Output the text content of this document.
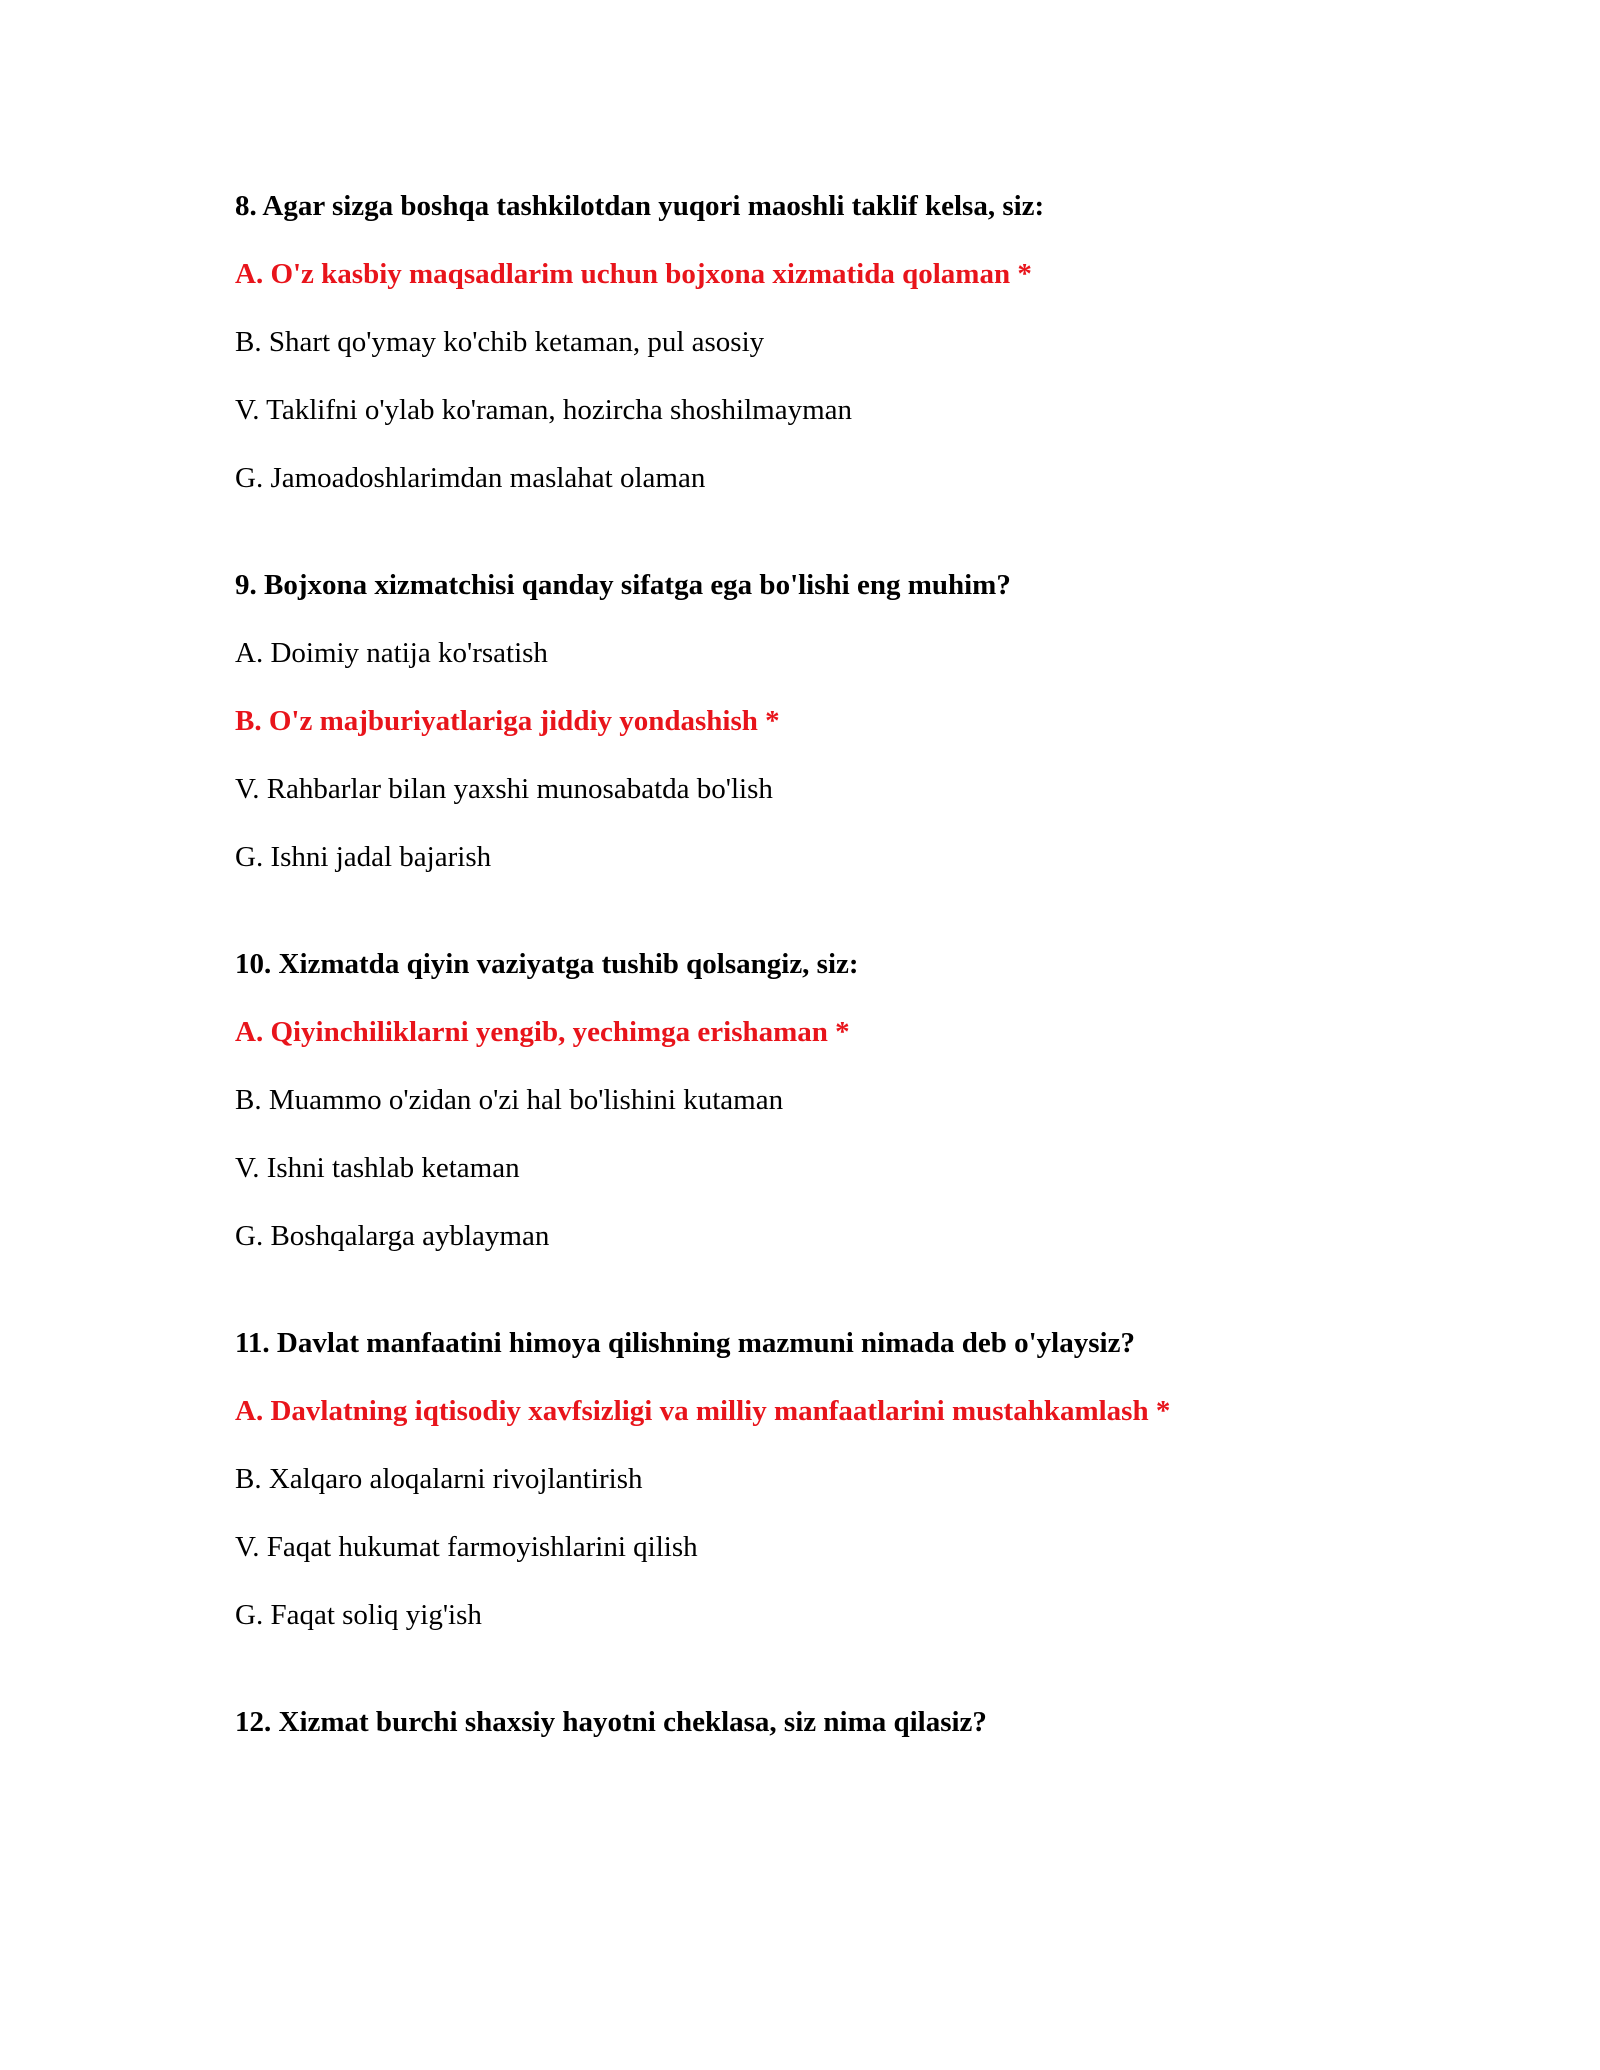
8. Agar sizga boshqa tashkilotdan yuqori maoshli taklif kelsa, siz:
A. O'z kasbiy maqsadlarim uchun bojxona xizmatida qolaman *
B. Shart qo'ymay ko'chib ketaman, pul asosiy
V. Taklifni o'ylab ko'raman, hozircha shoshilmayman
G. Jamoadoshlarimdan maslahat olaman
9. Bojxona xizmatchisi qanday sifatga ega bo'lishi eng muhim?
A. Doimiy natija ko'rsatish
B. O'z majburiyatlariga jiddiy yondashish *
V. Rahbarlar bilan yaxshi munosabatda bo'lish
G. Ishni jadal bajarish
10. Xizmatda qiyin vaziyatga tushib qolsangiz, siz:
A. Qiyinchiliklarni yengib, yechimga erishaman *
B. Muammo o'zidan o'zi hal bo'lishini kutaman
V. Ishni tashlab ketaman
G. Boshqalarga ayblayman
11. Davlat manfaatini himoya qilishning mazmuni nimada deb o'ylaysiz?
A. Davlatning iqtisodiy xavfsizligi va milliy manfaatlarini mustahkamlash *
B. Xalqaro aloqalarni rivojlantirish
V. Faqat hukumat farmoyishlarini qilish
G. Faqat soliq yig'ish
12. Xizmat burchi shaxsiy hayotni cheklasa, siz nima qilasiz?
